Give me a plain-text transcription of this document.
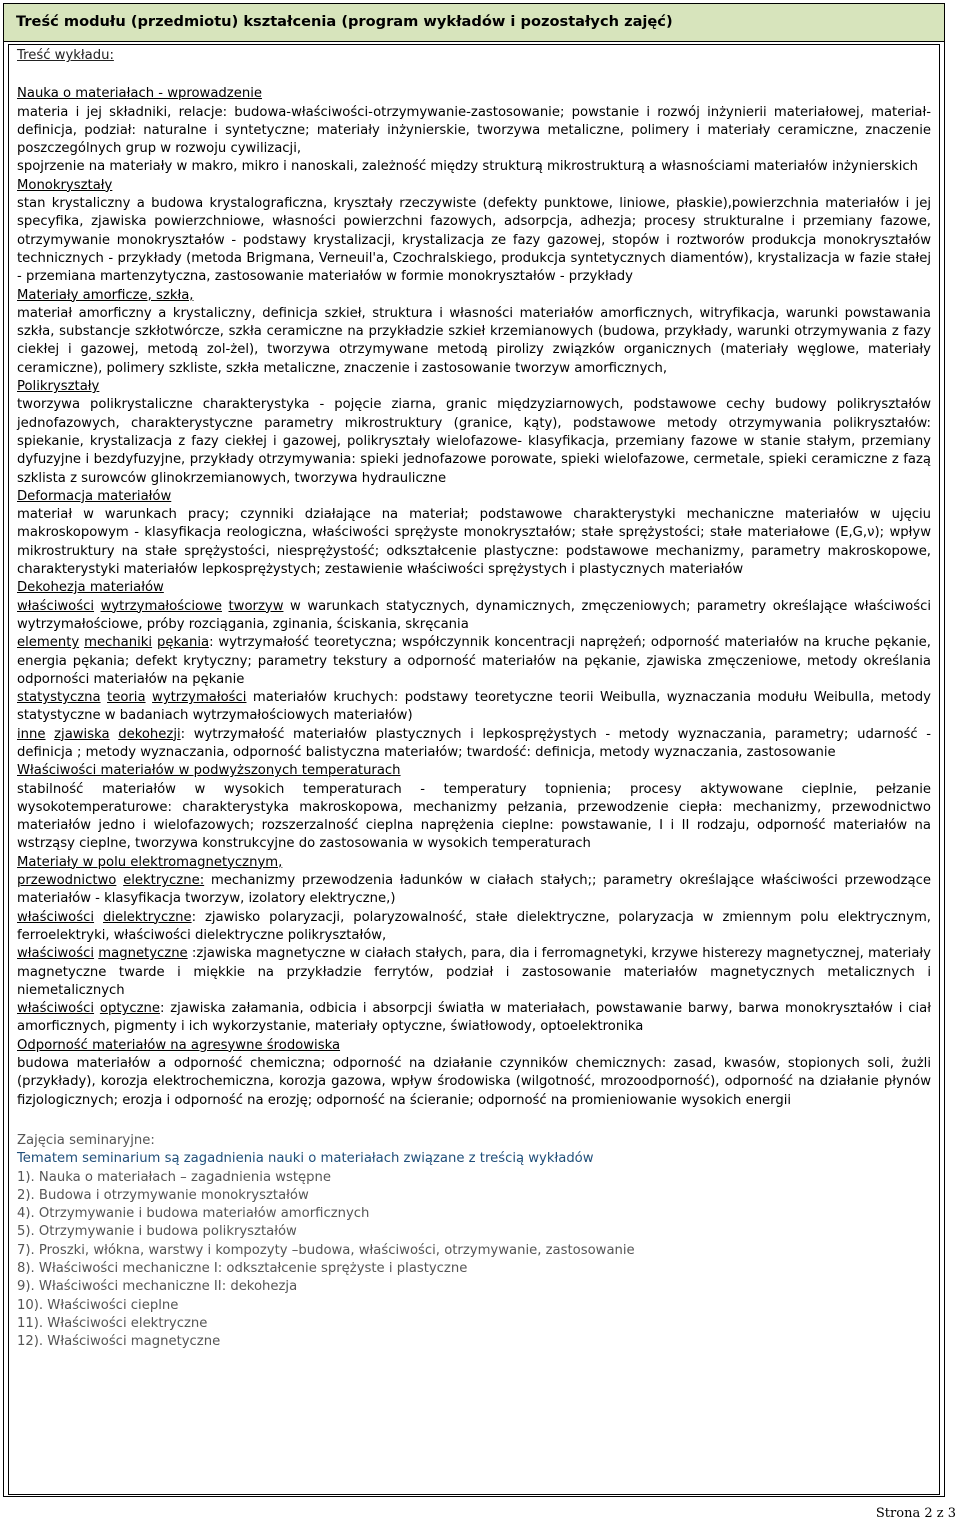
Treść modułu (przedmiotu) kształcenia (program wykładów i pozostałych zajęć)
Treść wykładu:
Nauka o materiałach - wprowadzenie
materia i jej składniki, relacje: budowa-właściwości-otrzymywanie-zastosowanie; powstanie i rozwój inżynierii materiałowej, materiał-definicja, podział: naturalne i syntetyczne; materiały inżynierskie, tworzywa metaliczne, polimery i materiały ceramiczne, znaczenie poszczególnych grup w rozwoju cywilizacji,
spojrzenie na materiały w makro, mikro i nanoskali, zależność między strukturą mikrostrukturą a własnościami materiałów inżynierskich
Monokryształy
stan krystaliczny a budowa krystalograficzna, kryształy rzeczywiste (defekty punktowe, liniowe, płaskie),powierzchnia materiałów i jej specyfika, zjawiska powierzchniowe, własności powierzchni fazowych, adsorpcja, adhezja; procesy strukturalne i przemiany fazowe, otrzymywanie monokryształów - podstawy krystalizacji, krystalizacja ze fazy gazowej, stopów i roztworów produkcja monokryształów technicznych - przykłady (metoda Brigmana, Verneuil'a, Czochralskiego, produkcja syntetycznych diamentów), krystalizacja w fazie stałej - przemiana martenzytyczna, zastosowanie materiałów w formie monokryształów - przykłady
Materiały amorficze, szkła,
materiał amorficzny a krystaliczny, definicja szkieł, struktura i własności materiałów amorficznych, witryfikacja, warunki powstawania szkła, substancje szkłotwórcze, szkła ceramiczne na przykładzie szkieł krzemianowych (budowa, przykłady, warunki otrzymywania z fazy ciekłej i gazowej, metodą zol-żel), tworzywa otrzymywane metodą pirolizy związków organicznych (materiały węglowe, materiały ceramiczne), polimery szkliste, szkła metaliczne, znaczenie i zastosowanie tworzyw amorficznych,
Polikryształy
tworzywa polikrystaliczne charakterystyka - pojęcie ziarna, granic międzyziarnowych, podstawowe cechy budowy polikryształów jednofazowych, charakterystyczne parametry mikrostruktury (granice, kąty), podstawowe metody otrzymywania polikryształów: spiekanie, krystalizacja z fazy ciekłej i gazowej, polikryształy wielofazowe- klasyfikacja, przemiany fazowe w stanie stałym, przemiany dyfuzyjne i bezdyfuzyjne, przykłady otrzymywania: spieki jednofazowe porowate, spieki wielofazowe, cermetale, spieki ceramiczne z fazą szklista z surowców glinokrzemianowych, tworzywa hydrauliczne
Deformacja materiałów
materiał w warunkach pracy; czynniki działające na materiał; podstawowe charakterystyki mechaniczne materiałów w ujęciu makroskopowym - klasyfikacja reologiczna, właściwości sprężyste monokryształów; stałe sprężystości; stałe materiałowe (E,G,ν); wpływ mikrostruktury na stałe sprężystości, niesprężystość; odkształcenie plastyczne: podstawowe mechanizmy, parametry makroskopowe, charakterystyki materiałów lepkosprężystych; zestawienie właściwości sprężystych i plastycznych materiałów
Dekohezja materiałów
właściwości wytrzymałościowe tworzyw w warunkach statycznych, dynamicznych, zmęczeniowych; parametry określające właściwości wytrzymałościowe, próby rozciągania, zginania, ściskania, skręcania
elementy mechaniki pękania: wytrzymałość teoretyczna; współczynnik koncentracji naprężeń; odporność materiałów na kruche pękanie, energia pękania; defekt krytyczny; parametry tekstury a odporność materiałów na pękanie, zjawiska zmęczeniowe, metody określania odporności materiałów na pękanie
statystyczna teoria wytrzymałości materiałów kruchych: podstawy teoretyczne teorii Weibulla, wyznaczania modułu Weibulla, metody statystyczne w badaniach wytrzymałościowych materiałów)
inne zjawiska dekohezji: wytrzymałość materiałów plastycznych i lepkosprężystych - metody wyznaczania, parametry; udarność - definicja ; metody wyznaczania, odporność balistyczna materiałów; twardość: definicja, metody wyznaczania, zastosowanie
Właściwości materiałów w podwyższonych temperaturach
stabilność materiałów w wysokich temperaturach - temperatury topnienia; procesy aktywowane cieplnie, pełzanie wysokotemperaturowe: charakterystyka makroskopowa, mechanizmy pełzania, przewodzenie ciepła: mechanizmy, przewodnictwo materiałów jedno i wielofazowych; rozszerzalność cieplna naprężenia cieplne: powstawanie, I i II rodzaju, odporność materiałów na wstrząsy cieplne, tworzywa konstrukcyjne do zastosowania w wysokich temperaturach
Materiały w polu elektromagnetycznym,
przewodnictwo elektryczne: mechanizmy przewodzenia ładunków w ciałach stałych;; parametry określające właściwości przewodzące materiałów - klasyfikacja tworzyw, izolatory elektryczne,)
właściwości dielektryczne: zjawisko polaryzacji, polaryzowalność, stałe dielektryczne, polaryzacja w zmiennym polu elektrycznym, ferroelektryki, właściwości dielektryczne polikryształów,
właściwości magnetyczne :zjawiska magnetyczne w ciałach stałych, para, dia i ferromagnetyki, krzywe histerezy magnetycznej, materiały magnetyczne twarde i miękkie na przykładzie ferrytów, podział i zastosowanie materiałów magnetycznych metalicznych i niemetalicznych
właściwości optyczne: zjawiska załamania, odbicia i absorpcji światła w materiałach, powstawanie barwy, barwa monokryształów i ciał amorficznych, pigmenty i ich wykorzystanie, materiały optyczne, światłowody, optoelektronika
Odporność materiałów na agresywne środowiska
budowa materiałów a odporność chemiczna; odporność na działanie czynników chemicznych: zasad, kwasów, stopionych soli, żużli (przykłady), korozja elektrochemiczna, korozja gazowa, wpływ środowiska (wilgotność, mrozoodporność), odporność na działanie płynów fizjologicznych; erozja i odporność na erozję; odporność na ścieranie; odporność na promieniowanie wysokich energii
Zajęcia seminaryjne:
Tematem seminarium są zagadnienia nauki o materiałach związane z treścią wykładów
1). Nauka o materiałach – zagadnienia wstępne
2). Budowa i otrzymywanie monokryształów
4). Otrzymywanie i budowa materiałów amorficznych
5). Otrzymywanie i budowa polikryształów
7). Proszki, włókna, warstwy i kompozyty –budowa, właściwości, otrzymywanie, zastosowanie
8). Właściwości mechaniczne I: odkształcenie sprężyste i plastyczne
9). Właściwości mechaniczne II: dekohezja
10). Właściwości cieplne
11). Właściwości elektryczne
12). Właściwości magnetyczne
Strona 2 z 3
